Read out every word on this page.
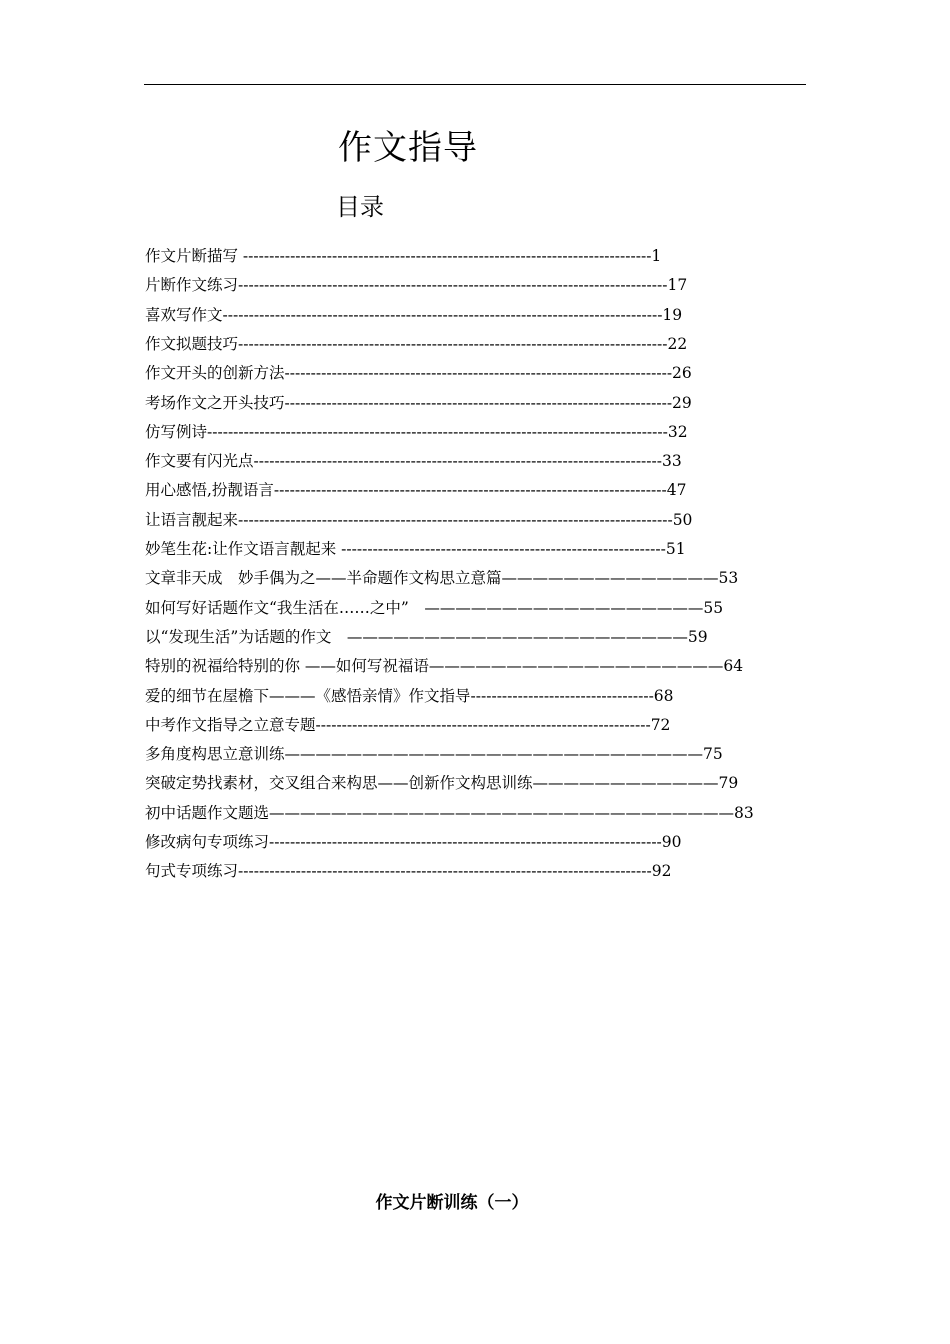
作文指导
目录
作文片断描写 ------------------------------------------------------------------------------1
片断作文练习----------------------------------------------------------------------------------17
喜欢写作文------------------------------------------------------------------------------------19
作文拟题技巧----------------------------------------------------------------------------------22
作文开头的创新方法--------------------------------------------------------------------------26
考场作文之开头技巧--------------------------------------------------------------------------29
仿写例诗----------------------------------------------------------------------------------------32
作文要有闪光点------------------------------------------------------------------------------33
用心感悟,扮靓语言---------------------------------------------------------------------------47
让语言靓起来-----------------------------------------------------------------------------------50
妙笔生花:让作文语言靓起来 --------------------------------------------------------------51
文章非天成　妙手偶为之——半命题作文构思立意篇——————————————53
如何写好话题作文“我生活在……之中”　——————————————————55
以“发现生活”为话题的作文　——————————————————————59
特别的祝福给特别的你 ——如何写祝福语———————————————————64
爱的细节在屋檐下———《感悟亲情》作文指导-----------------------------------68
中考作文指导之立意专题----------------------------------------------------------------72
多角度构思立意训练———————————————————————————75
突破定势找素材，交叉组合来构思——创新作文构思训练————————————79
初中话题作文题选——————————————————————————————83
修改病句专项练习---------------------------------------------------------------------------90
句式专项练习-------------------------------------------------------------------------------92
作文片断训练（一）
